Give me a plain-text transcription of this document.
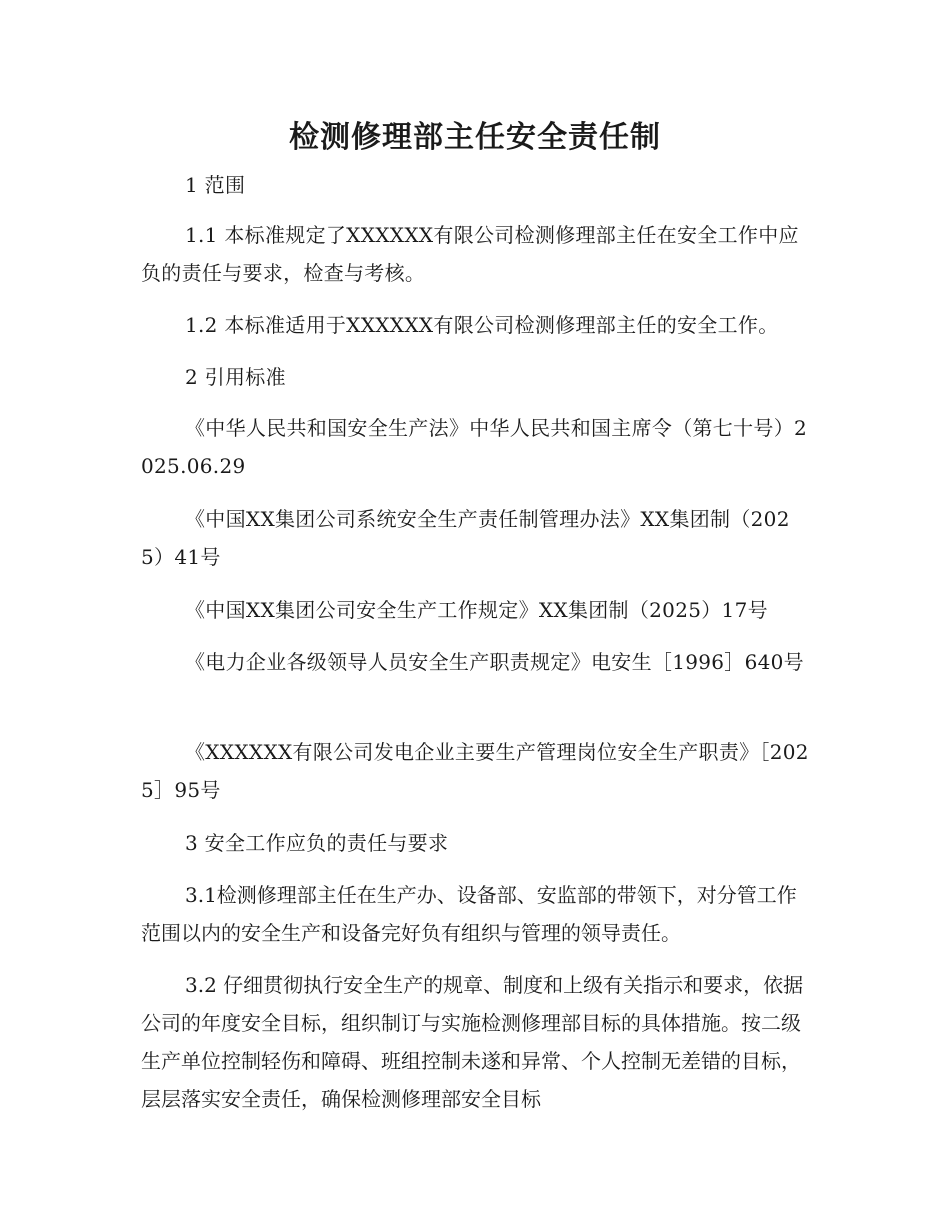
检测修理部主任安全责任制

1 范围

1.1 本标准规定了XXXXXX有限公司检测修理部主任在安全工作中应负的责任与要求，检查与考核。

1.2 本标准适用于XXXXXX有限公司检测修理部主任的安全工作。

2 引用标准

《中华人民共和国安全生产法》中华人民共和国主席令（第七十号）2025.06.29

《中国XX集团公司系统安全生产责任制管理办法》XX集团制（2025）41号

《中国XX集团公司安全生产工作规定》XX集团制（2025）17号

《电力企业各级领导人员安全生产职责规定》电安生［1996］640号

《XXXXXX有限公司发电企业主要生产管理岗位安全生产职责》［2025］95号

3 安全工作应负的责任与要求

3.1检测修理部主任在生产办、设备部、安监部的带领下，对分管工作范围以内的安全生产和设备完好负有组织与管理的领导责任。

3.2 仔细贯彻执行安全生产的规章、制度和上级有关指示和要求，依据公司的年度安全目标，组织制订与实施检测修理部目标的具体措施。按二级生产单位控制轻伤和障碍、班组控制未遂和异常、个人控制无差错的目标，层层落实安全责任，确保检测修理部安全目标
